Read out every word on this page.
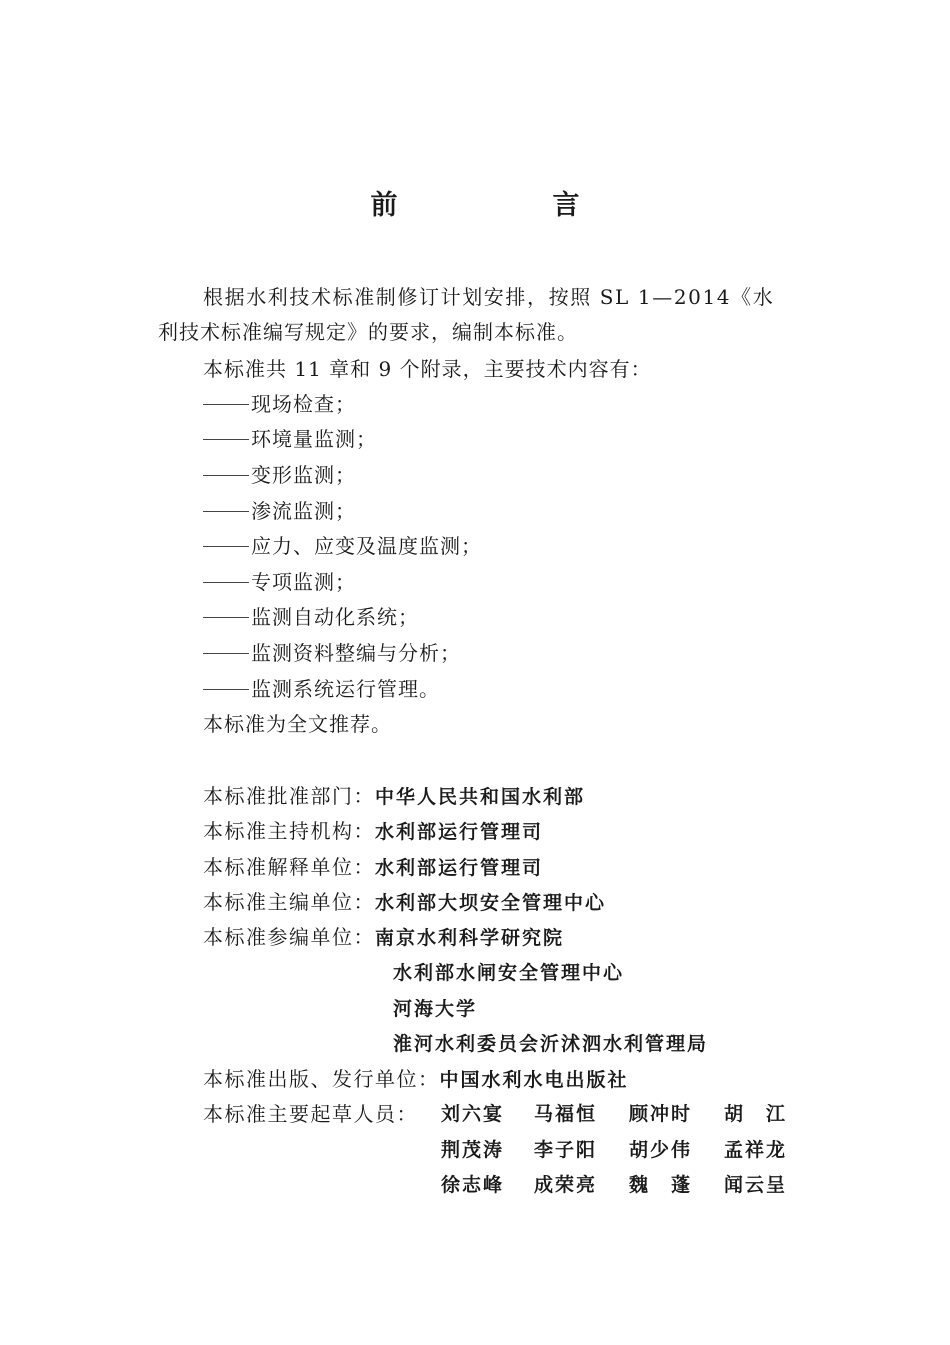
前　言
根据水利技术标准制修订计划安排，按照 SL 1—2014《水
利技术标准编写规定》的要求，编制本标准。
本标准共 11 章和 9 个附录，主要技术内容有：
现场检查；
环境量监测；
变形监测；
渗流监测；
应力、应变及温度监测；
专项监测；
监测自动化系统；
监测资料整编与分析；
监测系统运行管理。
本标准为全文推荐。
本标准批准部门：中华人民共和国水利部
本标准主持机构：水利部运行管理司
本标准解释单位：水利部运行管理司
本标准主编单位：水利部大坝安全管理中心
本标准参编单位：南京水利科学研究院
水利部水闸安全管理中心
河海大学
淮河水利委员会沂沭泗水利管理局
本标准出版、发行单位：中国水利水电出版社
本标准主要起草人员： 刘六宴 马福恒 顾冲时 胡　江
荆茂涛 李子阳 胡少伟 孟祥龙
徐志峰 成荣亮 魏　蓬 闻云呈
